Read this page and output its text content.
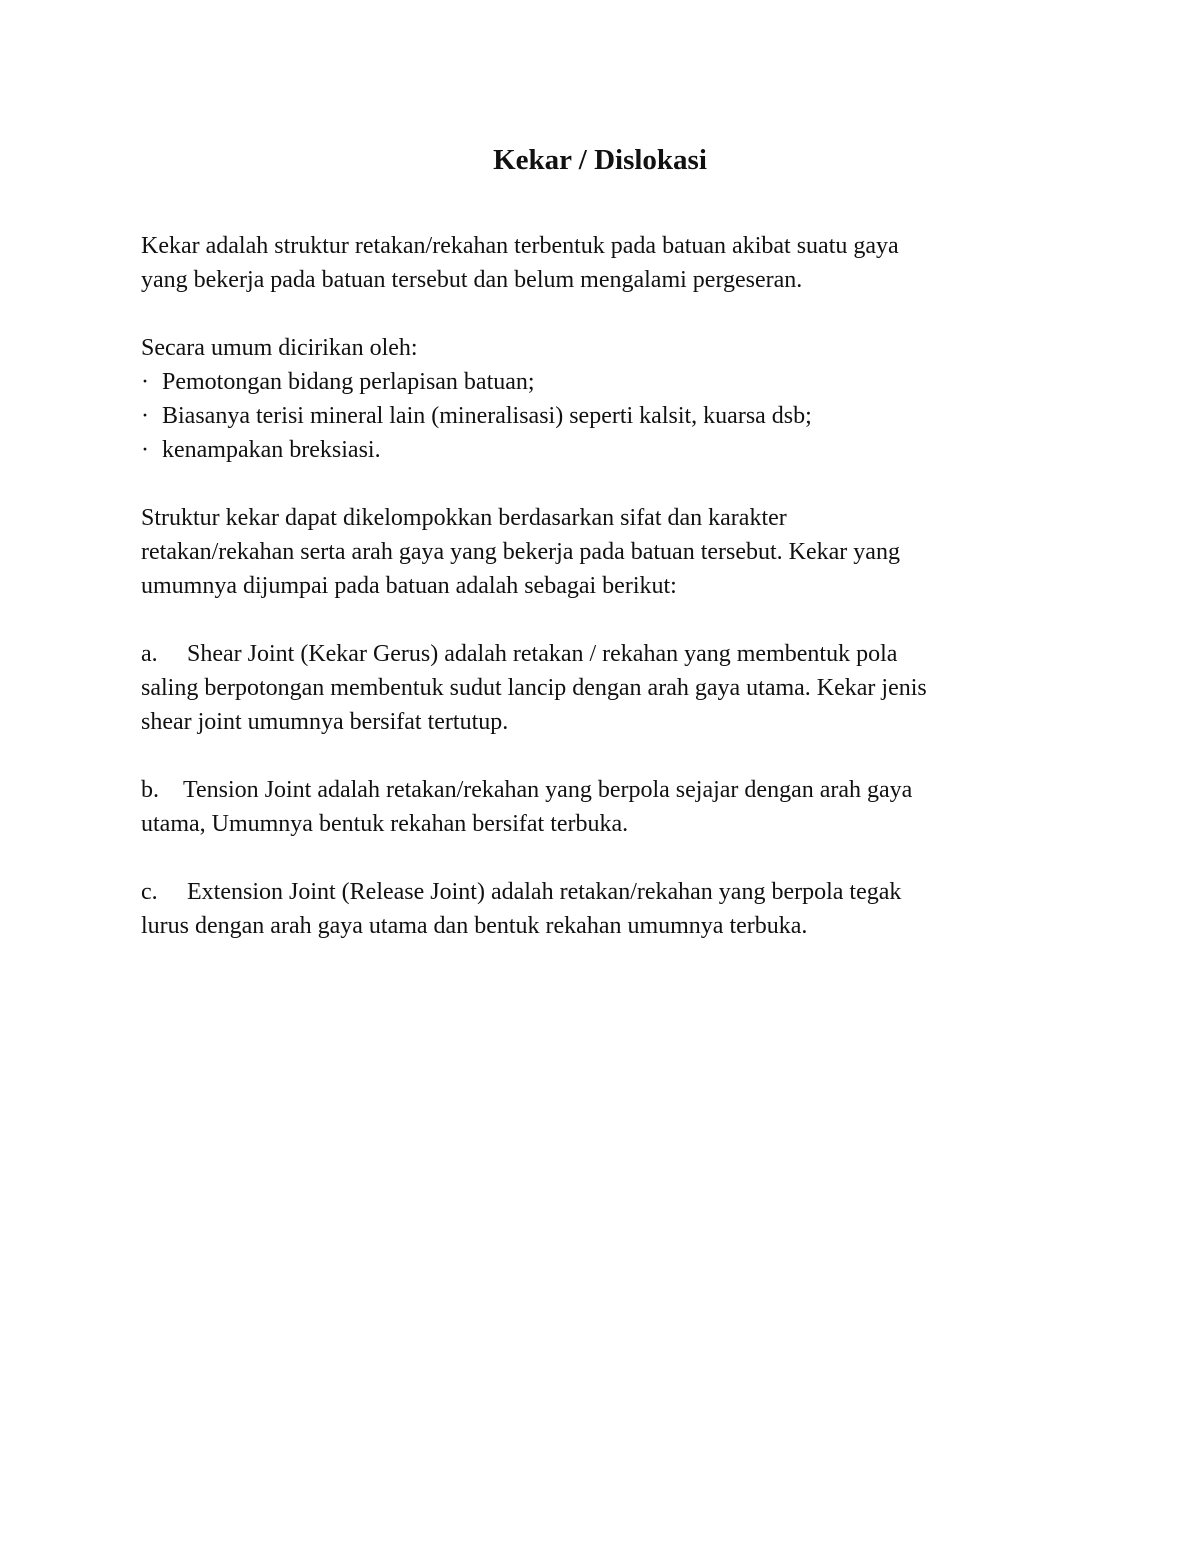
Kekar / Dislokasi

Kekar adalah struktur retakan/rekahan terbentuk pada batuan akibat suatu gaya
yang bekerja pada batuan tersebut dan belum mengalami pergeseran.

Secara umum dicirikan oleh:
· Pemotongan bidang perlapisan batuan;
· Biasanya terisi mineral lain (mineralisasi) seperti kalsit, kuarsa dsb;
· kenampakan breksiasi.

Struktur kekar dapat dikelompokkan berdasarkan sifat dan karakter
retakan/rekahan serta arah gaya yang bekerja pada batuan tersebut. Kekar yang
umumnya dijumpai pada batuan adalah sebagai berikut:

a. Shear Joint (Kekar Gerus) adalah retakan / rekahan yang membentuk pola
saling berpotongan membentuk sudut lancip dengan arah gaya utama. Kekar jenis
shear joint umumnya bersifat tertutup.

b. Tension Joint adalah retakan/rekahan yang berpola sejajar dengan arah gaya
utama, Umumnya bentuk rekahan bersifat terbuka.

c. Extension Joint (Release Joint) adalah retakan/rekahan yang berpola tegak
lurus dengan arah gaya utama dan bentuk rekahan umumnya terbuka.
